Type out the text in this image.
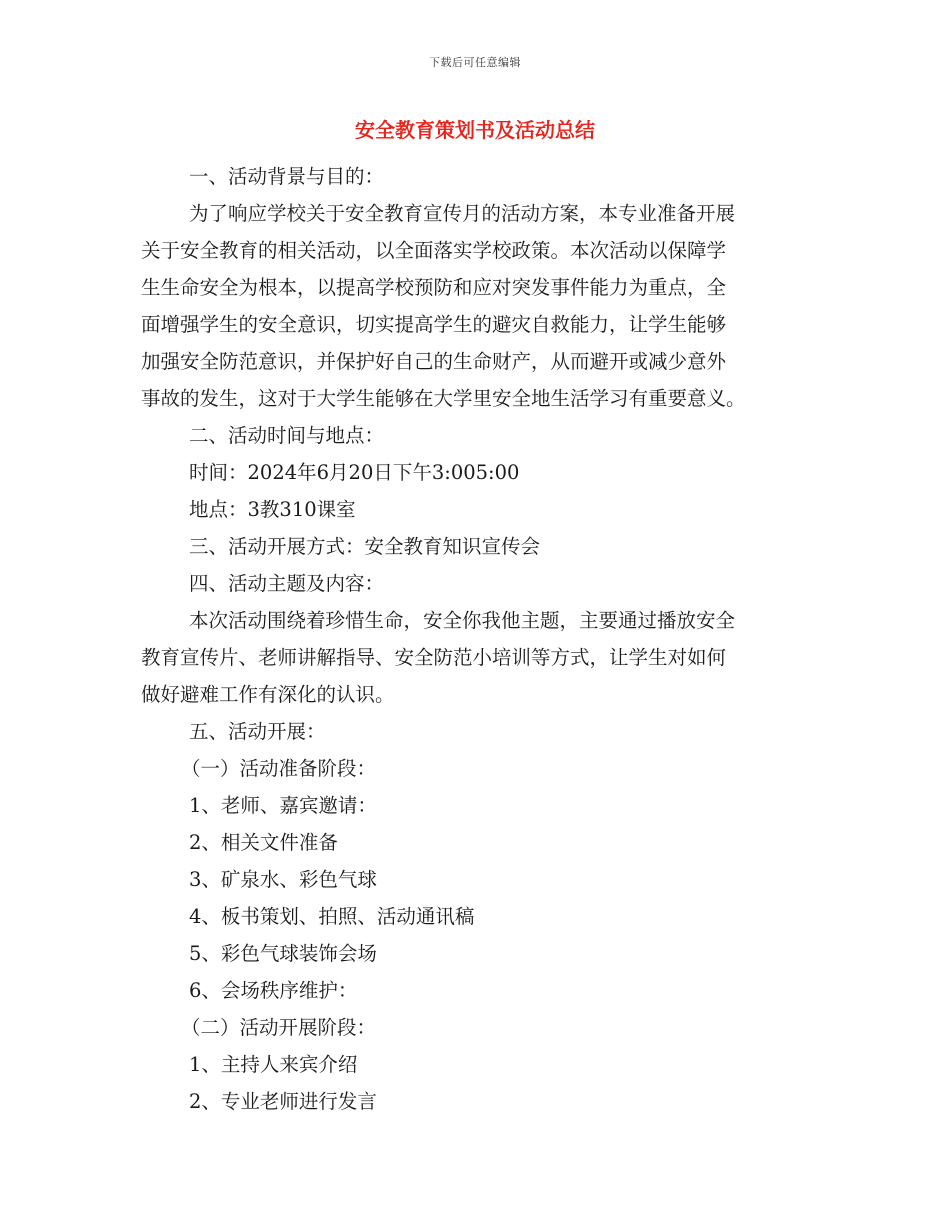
下载后可任意编辑
安全教育策划书及活动总结
一、活动背景与目的：
为了响应学校关于安全教育宣传月的活动方案，本专业准备开展
关于安全教育的相关活动，以全面落实学校政策。本次活动以保障学
生生命安全为根本，以提高学校预防和应对突发事件能力为重点，全
面增强学生的安全意识，切实提高学生的避灾自救能力，让学生能够
加强安全防范意识，并保护好自己的生命财产，从而避开或减少意外
事故的发生，这对于大学生能够在大学里安全地生活学习有重要意义。
二、活动时间与地点：
时间：2024年6月20日下午3:005:00
地点：3教310课室
三、活动开展方式：安全教育知识宣传会
四、活动主题及内容：
本次活动围绕着珍惜生命，安全你我他主题，主要通过播放安全
教育宣传片、老师讲解指导、安全防范小培训等方式，让学生对如何
做好避难工作有深化的认识。
五、活动开展：
（一）活动准备阶段：
1、老师、嘉宾邀请：
2、相关文件准备
3、矿泉水、彩色气球
4、板书策划、拍照、活动通讯稿
5、彩色气球装饰会场
6、会场秩序维护：
（二）活动开展阶段：
1、主持人来宾介绍
2、专业老师进行发言
